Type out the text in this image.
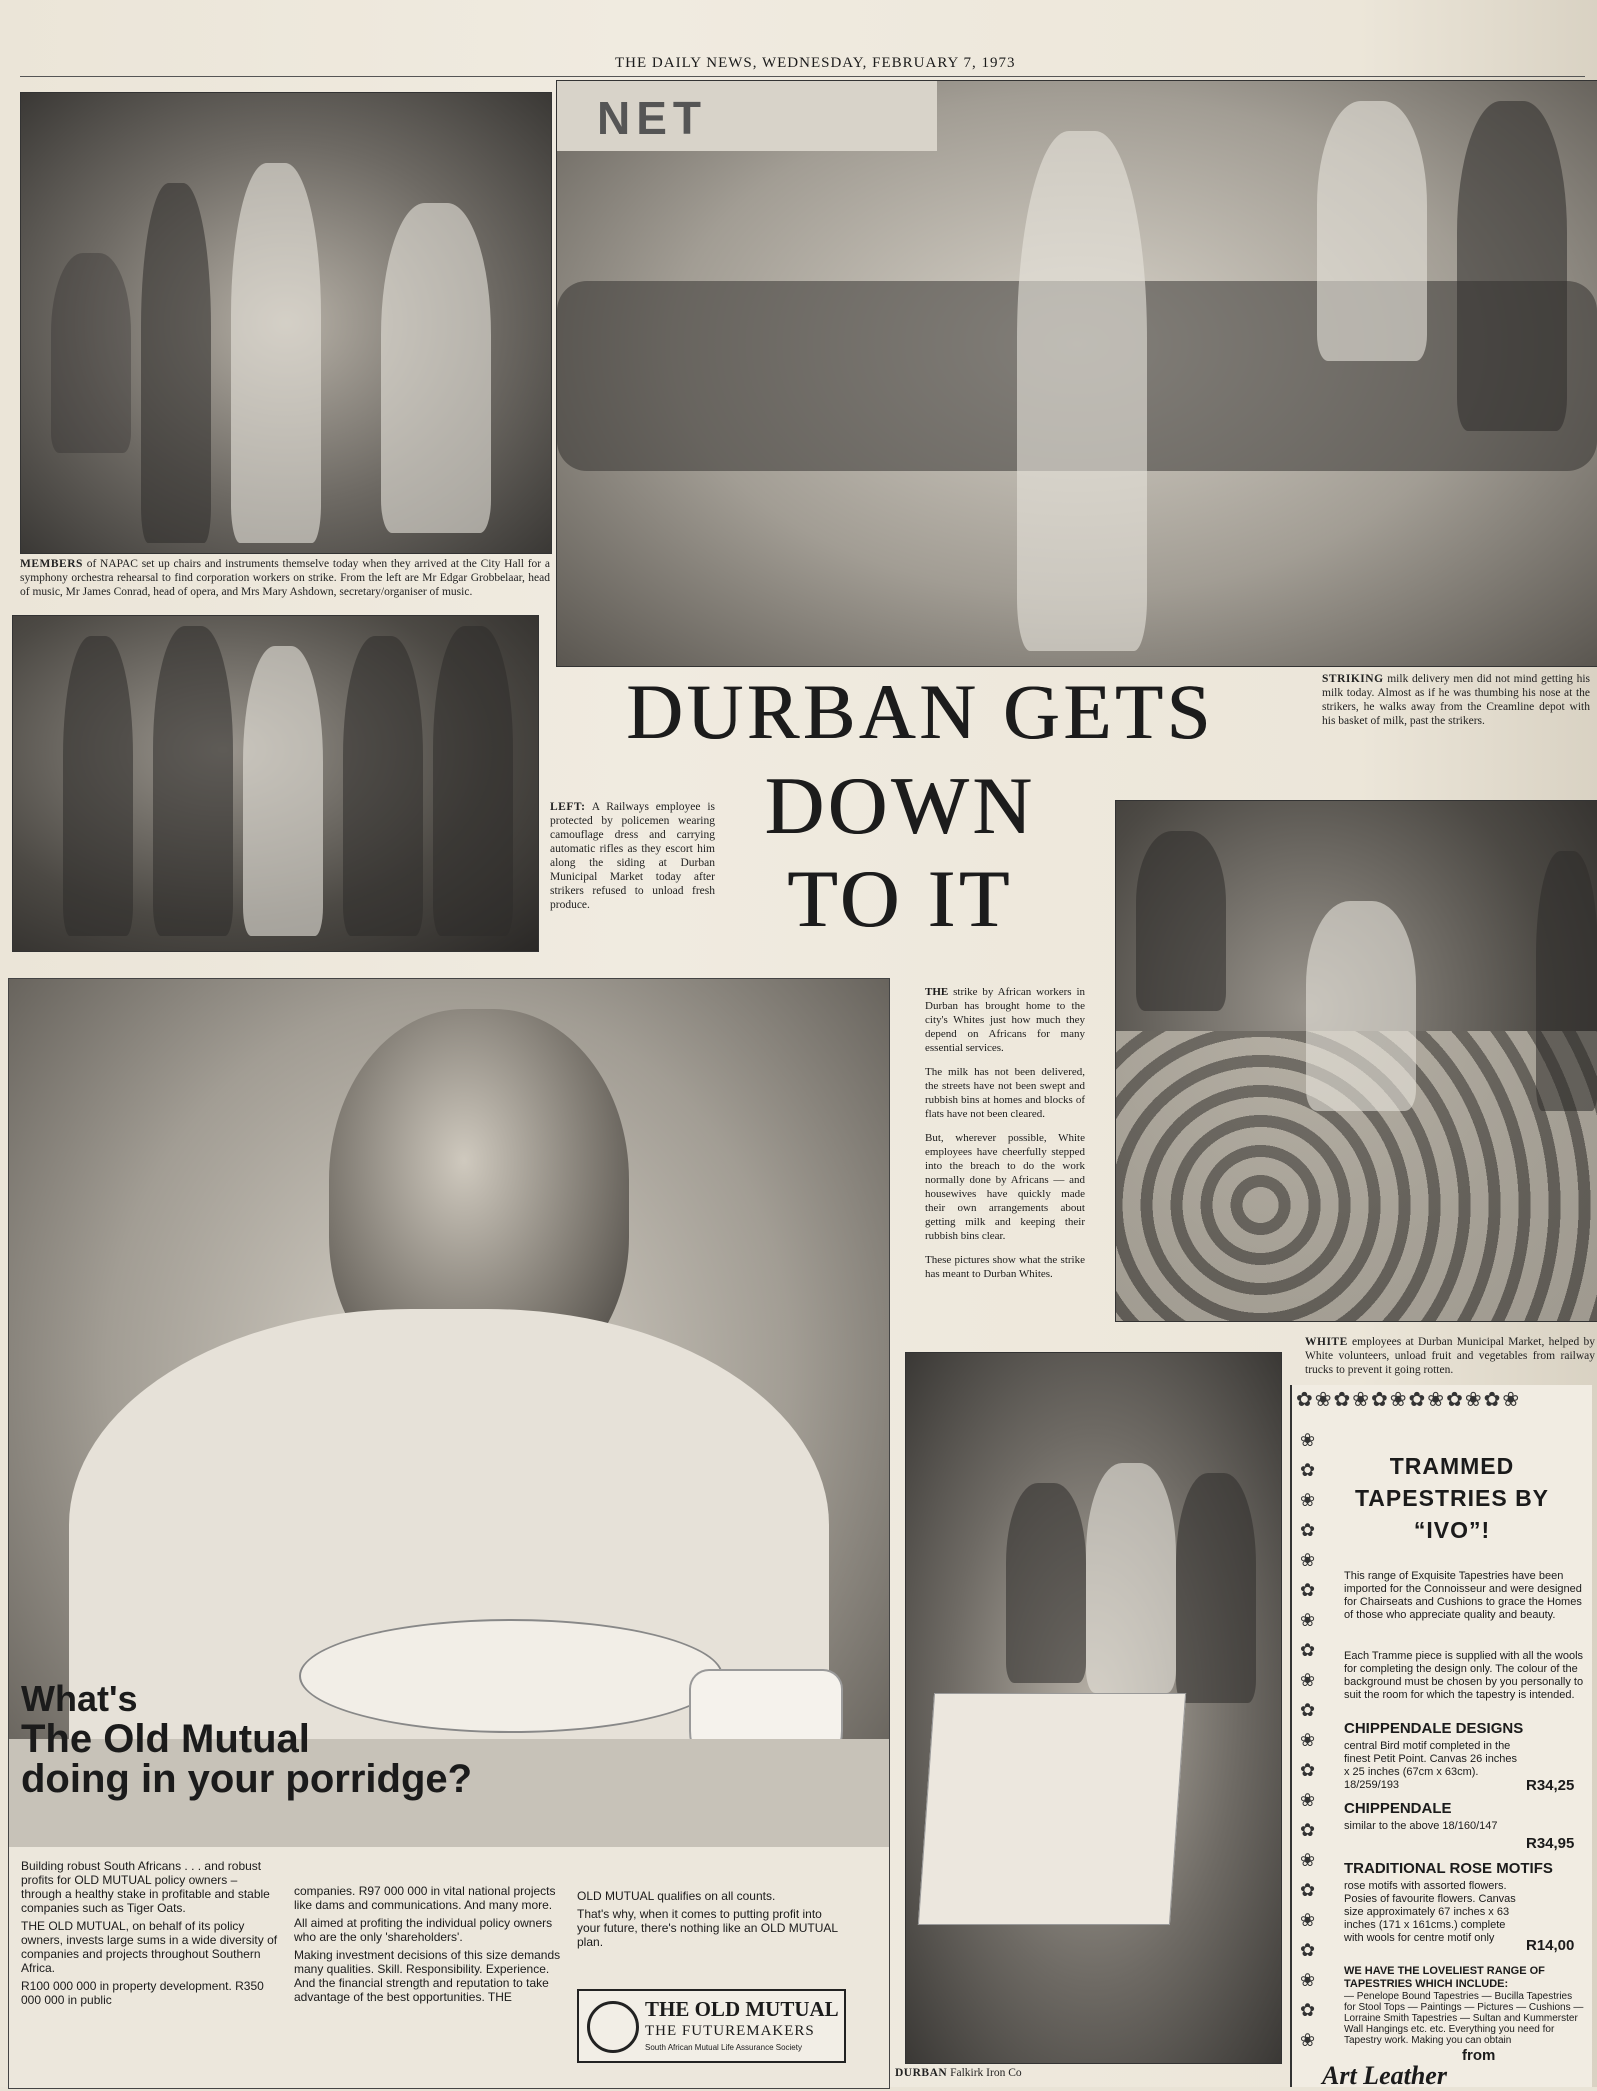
THE DAILY NEWS, WEDNESDAY, FEBRUARY 7, 1973
MEMBERS of NAPAC set up chairs and instruments themselve today when they arrived at the City Hall for a symphony orchestra rehearsal to find corporation workers on strike. From the left are Mr Edgar Grobbelaar, head of music, Mr James Conrad, head of opera, and Mrs Mary Ashdown, secretary/organiser of music.
NET
DURBAN GETS
DOWN
TO IT
STRIKING milk delivery men did not mind getting his milk today. Almost as if he was thumbing his nose at the strikers, he walks away from the Creamline depot with his basket of milk, past the strikers.
LEFT: A Railways employee is protected by policemen wearing camouflage dress and carrying automatic rifles as they escort him along the siding at Durban Municipal Market today after strikers refused to unload fresh produce.
WHITE employees at Durban Municipal Market, helped by White volunteers, unload fruit and vegetables from railway trucks to prevent it going rotten.

THE strike by African workers in Durban has brought home to the city's Whites just how much they depend on Africans for many essential services.

The milk has not been delivered, the streets have not been swept and rubbish bins at homes and blocks of flats have not been cleared.

But, wherever possible, White employees have cheerfully stepped into the breach to do the work normally done by Africans — and housewives have quickly made their own arrangements about getting milk and keeping their rubbish bins clear.

These pictures show what the strike has meant to Durban Whites.

DURBAN Falkirk Iron Co
What's
The Old Mutual
doing in your porridge?

Building robust South Africans . . . and robust profits for OLD MUTUAL policy owners – through a healthy stake in profitable and stable companies such as Tiger Oats.

THE OLD MUTUAL, on behalf of its policy owners, invests large sums in a wide diversity of companies and projects throughout Southern Africa.

R100 000 000 in property development. R350 000 000 in public

companies. R97 000 000 in vital national projects like dams and communications. And many more.

All aimed at profiting the individual policy owners who are the only 'shareholders'.

Making investment decisions of this size demands many qualities. Skill. Responsibility. Experience. And the financial strength and reputation to take advantage of the best opportunities. THE

OLD MUTUAL qualifies on all counts.

That's why, when it comes to putting profit into your future, there's nothing like an OLD MUTUAL plan.

THE OLD MUTUAL
THE FUTUREMAKERS
South African Mutual Life Assurance Society
✿❀✿❀✿❀✿❀✿❀✿❀
TRAMMED
TAPESTRIES BY
“IVO”!
This range of Exquisite Tapestries have been imported for the Connoisseur and were designed for Chairseats and Cushions to grace the Homes of those who appreciate quality and beauty.
Each Tramme piece is supplied with all the wools for completing the design only. The colour of the background must be chosen by you personally to suit the room for which the tapestry is intended.
CHIPPENDALE DESIGNS
central Bird motif completed in the finest Petit Point. Canvas 26 inches x 25 inches (67cm x 63cm). 18/259/193	R34,25
CHIPPENDALE
similar to the above 18/160/147
R34,95
TRADITIONAL ROSE MOTIFS
rose motifs with assorted flowers. Posies of favourite flowers. Canvas size approximately 67 inches x 63 inches (171 x 161cms.) complete with wools for centre motif only	R14,00
WE HAVE THE LOVELIEST RANGE OF TAPESTRIES WHICH INCLUDE:
— Penelope Bound Tapestries — Bucilla Tapestries for Stool Tops — Paintings — Pictures — Cushions — Lorraine Smith Tapestries — Sultan and Kummerster Wall Hangings etc. etc. Everything you need for Tapestry work. Making you can obtain
from
Art Leather
❀
✿
❀
✿
❀
✿
❀
✿
❀
✿
❀
✿
❀
✿
❀
✿
❀
✿
❀
✿
❀
